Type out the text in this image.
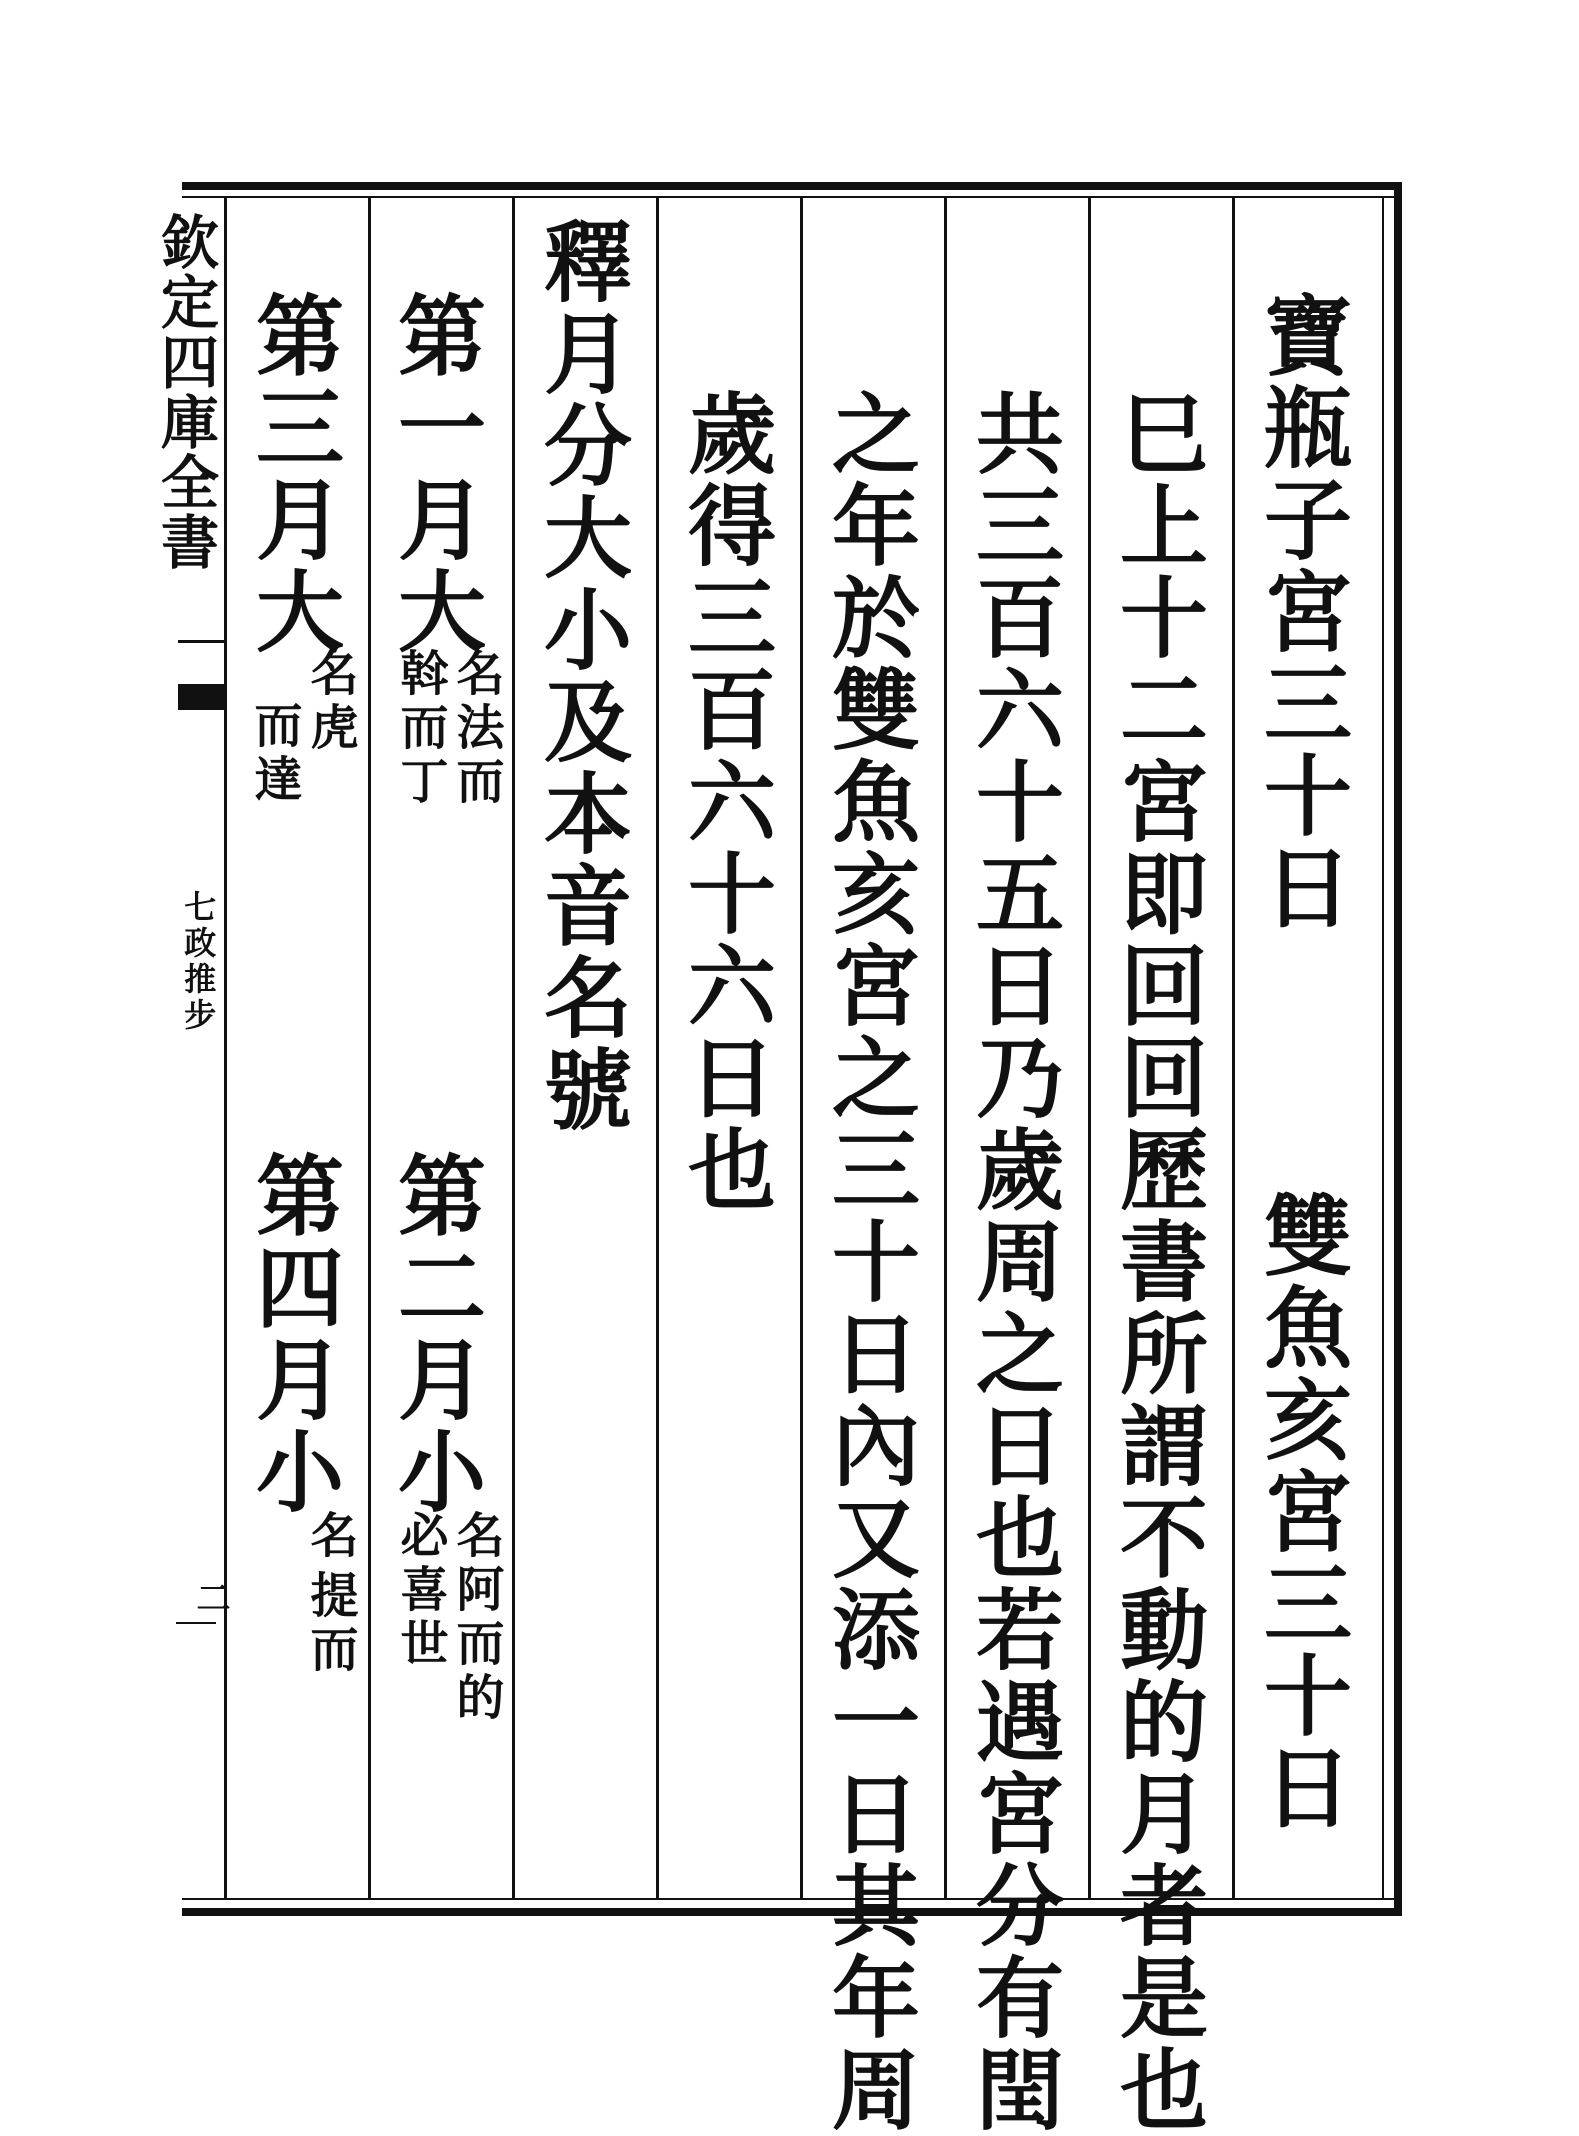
欽定四庫全書
七政推步
二
寶瓶子宮三十日
雙魚亥宮三十日
巳上十二宮即回回歷書所謂不動的月者是也
共三百六十五日乃歲周之日也若遇宮分有閏
之年於雙魚亥宮之三十日內又添一日其年周
歲得三百六十六日也
釋月分大小及本音名號
第一月大
名法而
斡而丁
第二月小
名阿而的
必喜世
第三月大
名虎
而達
第四月小
名
提而
